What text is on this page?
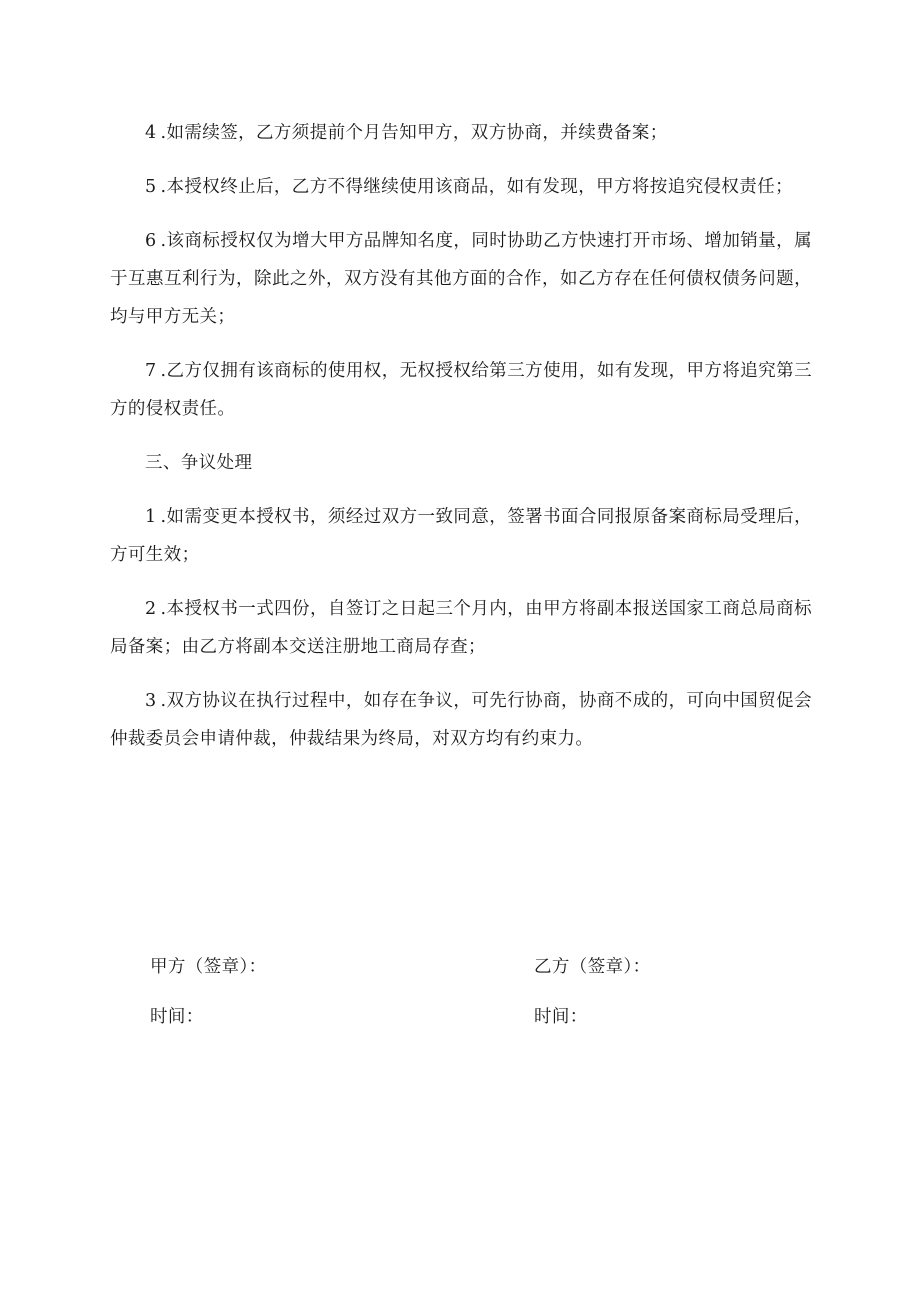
4 .如需续签，乙方须提前个月告知甲方，双方协商，并续费备案；

5 .本授权终止后，乙方不得继续使用该商品，如有发现，甲方将按追究侵权责任；

6 .该商标授权仅为增大甲方品牌知名度，同时协助乙方快速打开市场、增加销量，属于互惠互利行为，除此之外，双方没有其他方面的合作，如乙方存在任何债权债务问题，均与甲方无关；

7 .乙方仅拥有该商标的使用权，无权授权给第三方使用，如有发现，甲方将追究第三方的侵权责任。

三、争议处理

1 .如需变更本授权书，须经过双方一致同意，签署书面合同报原备案商标局受理后，方可生效；

2 .本授权书一式四份，自签订之日起三个月内，由甲方将副本报送国家工商总局商标局备案；由乙方将副本交送注册地工商局存查；

3 .双方协议在执行过程中，如存在争议，可先行协商，协商不成的，可向中国贸促会仲裁委员会申请仲裁，仲裁结果为终局，对双方均有约束力。

甲方（签章）：	乙方（签章）：
时间：	时间：
